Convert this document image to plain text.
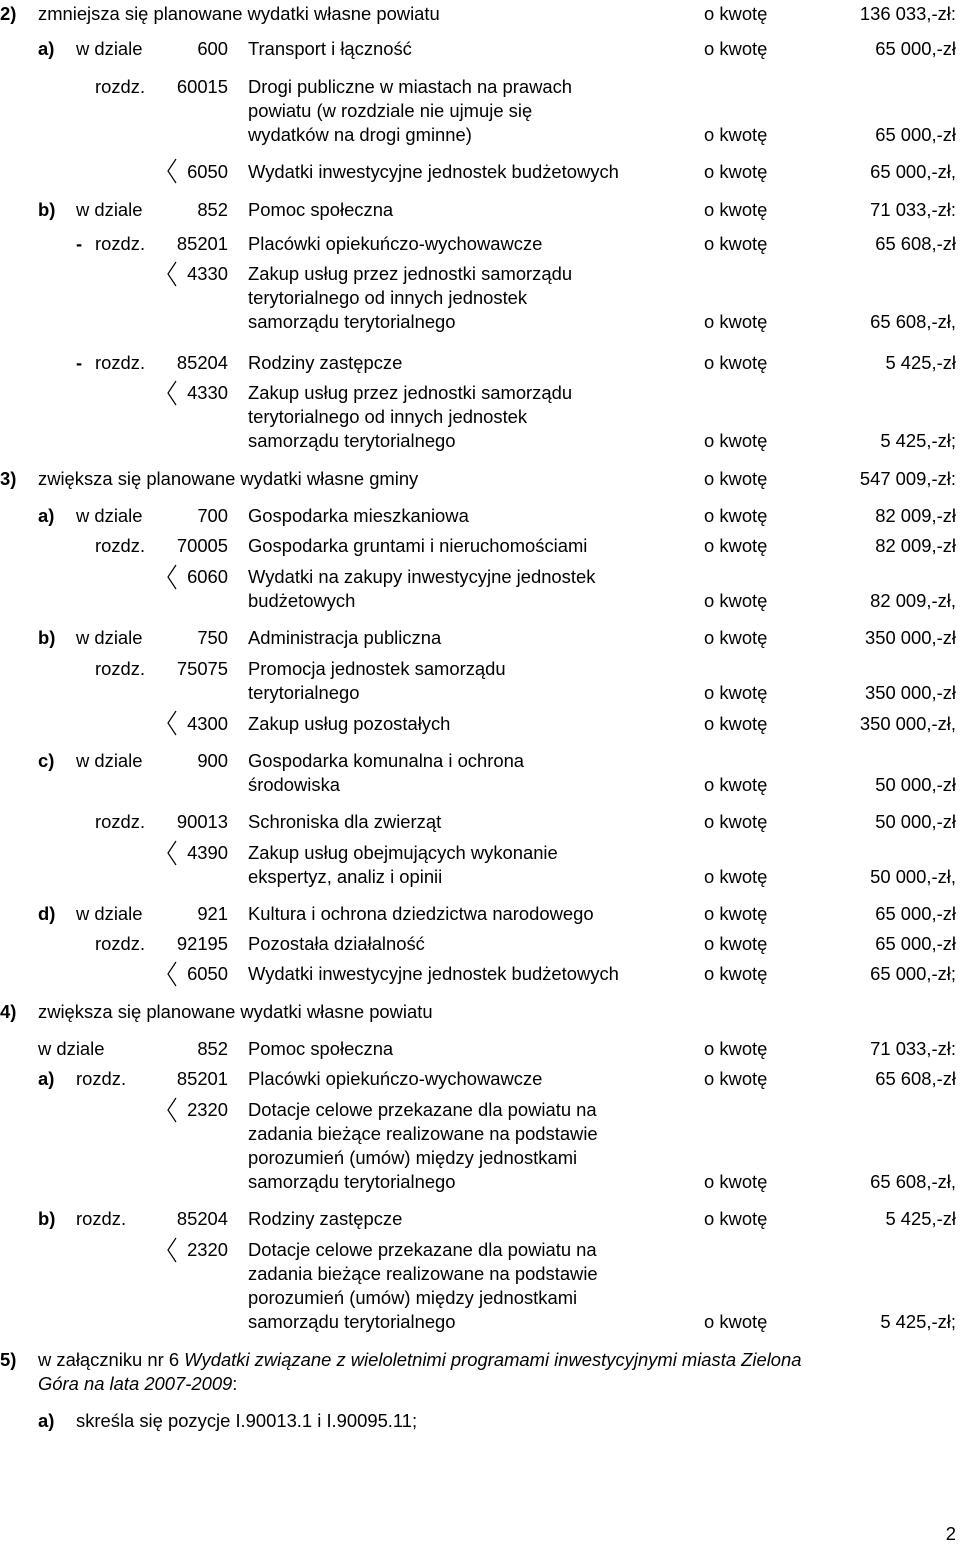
2)	zmniejsza się planowane wydatki własne powiatu	o kwotę	136 033,-zł:
a)	w dziale	600 Transport i łączność	o kwotę	65 000,-zł
rozdz.	60015 Drogi publiczne w miastach na prawach
powiatu (w rozdziale nie ujmuje się
wydatków na drogi gminne)	o kwotę	65 000,-zł
6050 Wydatki inwestycyjne jednostek budżetowych	o kwotę	65 000,-zł,
b)	w dziale	852 Pomoc społeczna	o kwotę	71 033,-zł:
- rozdz.	85201 Placówki opiekuńczo-wychowawcze	o kwotę	65 608,-zł
4330 Zakup usług przez jednostki samorządu
terytorialnego od innych jednostek
samorządu terytorialnego	o kwotę	65 608,-zł,
- rozdz.	85204 Rodziny zastępcze	o kwotę	5 425,-zł
4330 Zakup usług przez jednostki samorządu
terytorialnego od innych jednostek
samorządu terytorialnego	o kwotę	5 425,-zł;
3)	zwiększa się planowane wydatki własne gminy	o kwotę	547 009,-zł:
a)	w dziale	700 Gospodarka mieszkaniowa	o kwotę	82 009,-zł
rozdz.	70005 Gospodarka gruntami i nieruchomościami	o kwotę	82 009,-zł
6060 Wydatki na zakupy inwestycyjne jednostek
budżetowych	o kwotę	82 009,-zł,
b)	w dziale	750 Administracja publiczna	o kwotę	350 000,-zł
rozdz.	75075 Promocja jednostek samorządu
terytorialnego	o kwotę	350 000,-zł
4300 Zakup usług pozostałych	o kwotę	350 000,-zł,
c)	w dziale	900 Gospodarka komunalna i ochrona
środowiska	o kwotę	50 000,-zł
rozdz.	90013 Schroniska dla zwierząt	o kwotę	50 000,-zł
4390 Zakup usług obejmujących wykonanie
ekspertyz, analiz i opinii	o kwotę	50 000,-zł,
d)	w dziale	921 Kultura i ochrona dziedzictwa narodowego	o kwotę	65 000,-zł
rozdz.	92195 Pozostała działalność	o kwotę	65 000,-zł
6050 Wydatki inwestycyjne jednostek budżetowych	o kwotę	65 000,-zł;
4)	zwiększa się planowane wydatki własne powiatu
w dziale	852 Pomoc społeczna	o kwotę	71 033,-zł:
a)	rozdz.	85201 Placówki opiekuńczo-wychowawcze	o kwotę	65 608,-zł
2320 Dotacje celowe przekazane dla powiatu na
zadania bieżące realizowane na podstawie
porozumień (umów) między jednostkami
samorządu terytorialnego	o kwotę	65 608,-zł,
b)	rozdz.	85204 Rodziny zastępcze	o kwotę	5 425,-zł
2320 Dotacje celowe przekazane dla powiatu na
zadania bieżące realizowane na podstawie
porozumień (umów) między jednostkami
samorządu terytorialnego	o kwotę	5 425,-zł;
5)	w załączniku nr 6 Wydatki związane z wieloletnimi programami inwestycyjnymi miasta Zielona
Góra na lata 2007-2009:
a)	skreśla się pozycje I.90013.1 i I.90095.11;
2
